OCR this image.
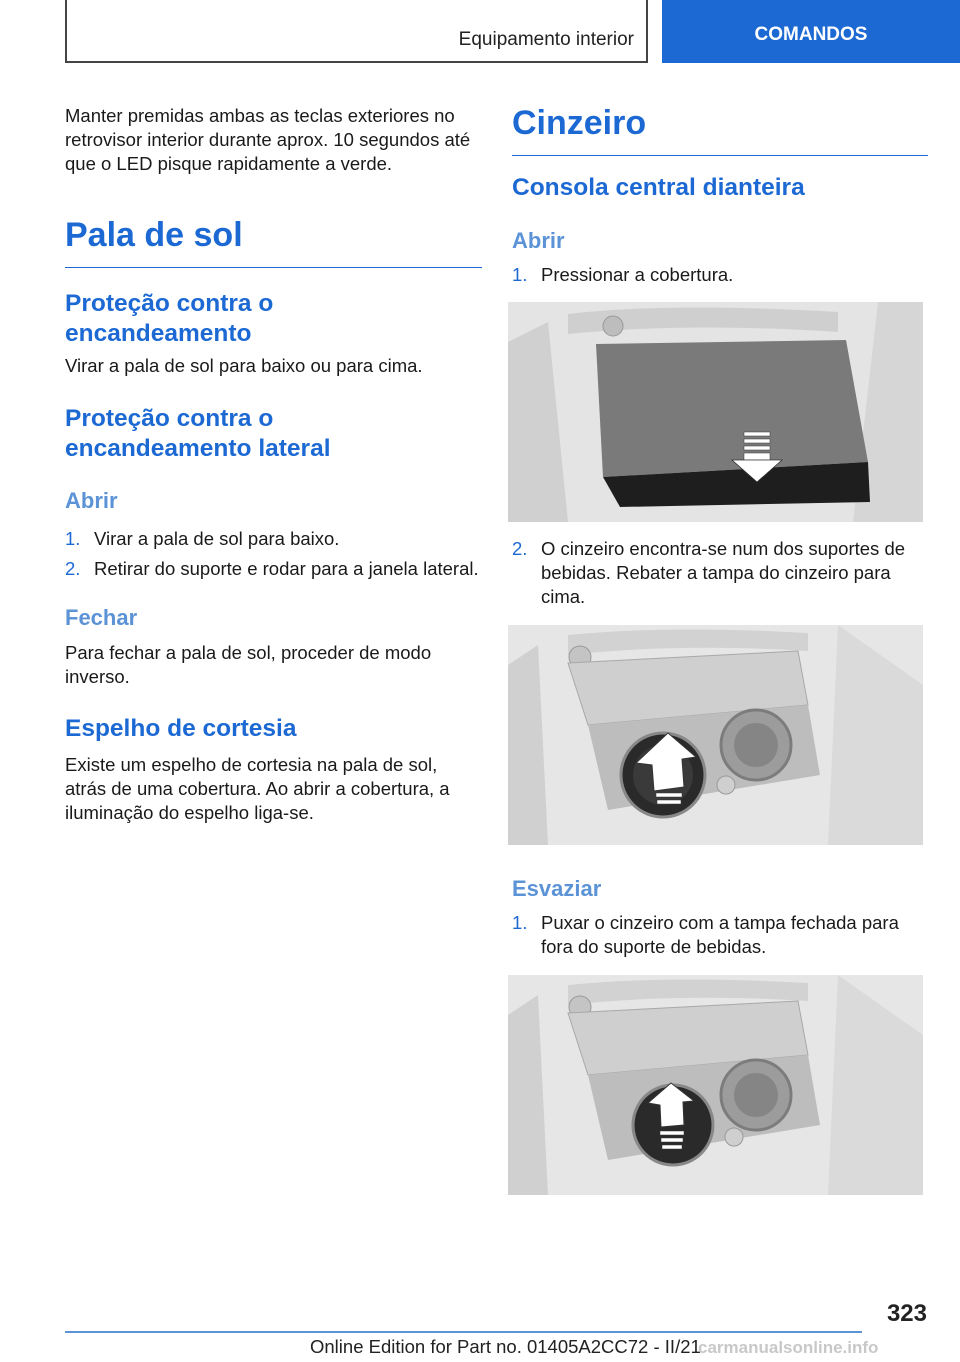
Equipamento interior	COMANDOS

Manter premidas ambas as teclas exteriores no retrovisor interior durante aprox. 10 segundos até que o LED pisque rapidamente a verde.

Pala de sol
Proteção contra o encandeamento

Virar a pala de sol para baixo ou para cima.

Proteção contra o encandeamento lateral
Abrir
1. Virar a pala de sol para baixo.
2. Retirar do suporte e rodar para a janela lateral.
Fechar

Para fechar a pala de sol, proceder de modo inverso.

Espelho de cortesia

Existe um espelho de cortesia na pala de sol, atrás de uma cobertura. Ao abrir a cobertura, a iluminação do espelho liga-se.

Cinzeiro
Consola central dianteira
Abrir
1. Pressionar a cobertura.
2. O cinzeiro encontra-se num dos suportes de bebidas. Rebater a tampa do cinzeiro para cima.
Esvaziar
1. Puxar o cinzeiro com a tampa fechada para fora do suporte de bebidas.
323
Online Edition for Part no. 01405A2CC72 - II/21
carmanualsonline.info
